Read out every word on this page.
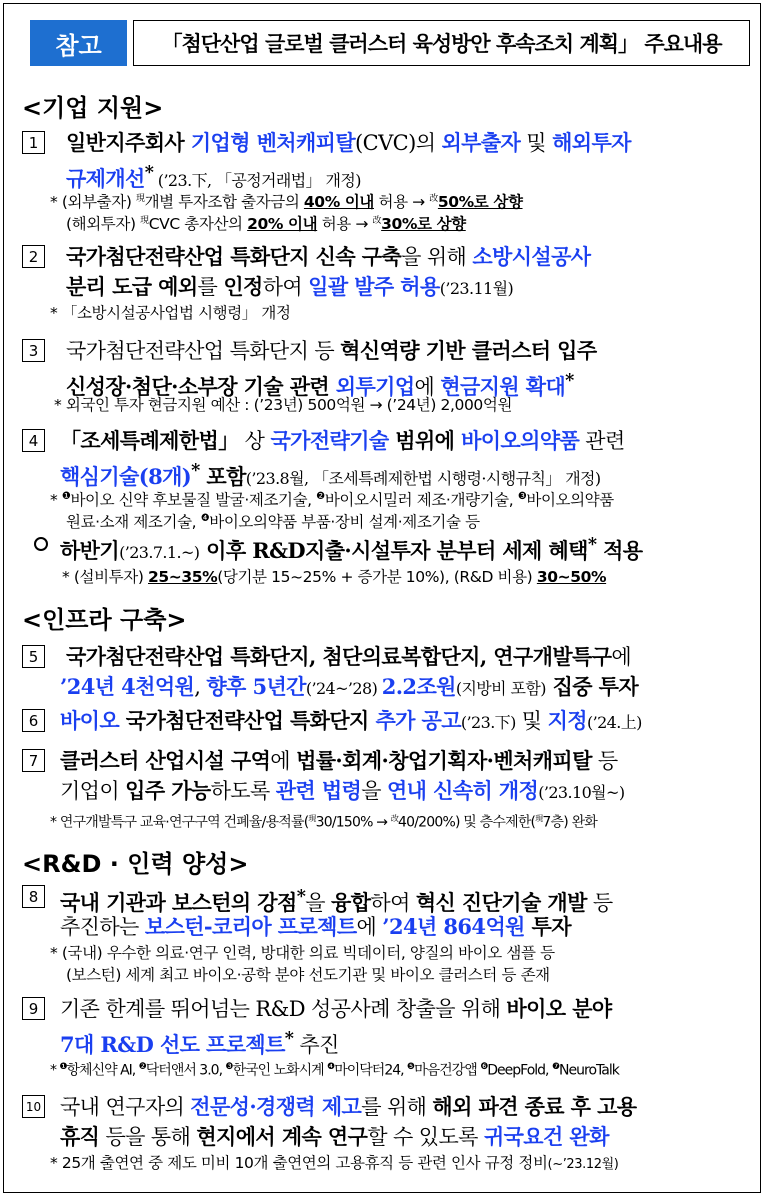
참고	「첨단산업 글로벌 클러스터 육성방안 후속조치 계획」 주요내용
<기업 지원>
1	일반지주회사 기업형 벤처캐피탈(CVC)의 외부출자 및 해외투자
규제개선* (’23.下, 「공정거래법」 개정)
* (외부출자) $^現$개별 투자조합 출자금의 40% 이내 허용 → $^改$50%로 상향
(해외투자) $^現$CVC 총자산의 20% 이내 허용 → $^改$30%로 상향
2	국가첨단전략산업 특화단지 신속 구축을 위해 소방시설공사
분리 도급 예외를 인정하여 일괄 발주 허용(’23.11월)
* 「소방시설공사업법 시행령」 개정
3	국가첨단전략산업 특화단지 등 혁신역량 기반 클러스터 입주
신성장·첨단·소부장 기술 관련 외투기업에 현금지원 확대*
* 외국인 투자 현금지원 예산 : (’23년) 500억원 → (’24년) 2,000억원
4	「조세특례제한법」 상 국가전략기술 범위에 바이오의약품 관련
핵심기술(8개)* 포함(’23.8월, 「조세특례제한법 시행령·시행규칙」 개정)
* $^❶$바이오 신약 후보물질 발굴·제조기술, $^❷$바이오시밀러 제조·개량기술, $^❸$바이오의약품
원료·소재 제조기술, $^❹$바이오의약품 부품·장비 설계·제조기술 등
하반기(’23.7.1.~) 이후 R&D지출·시설투자 분부터 세제 혜택* 적용
* (설비투자) 25~35%(당기분 15~25% + 증가분 10%), (R&D 비용) 30~50%
<인프라 구축>
5	국가첨단전략산업 특화단지, 첨단의료복합단지, 연구개발특구에
’24년 4천억원, 향후 5년간(’24~’28) 2.2조원(지방비 포함) 집중 투자
6	바이오 국가첨단전략산업 특화단지 추가 공고(’23.下) 및 지정(’24.上)
7	클러스터 산업시설 구역에 법률·회계·창업기획자·벤처캐피탈 등
기업이 입주 가능하도록 관련 법령을 연내 신속히 개정(’23.10월~)
* 연구개발특구 교육·연구구역 건폐율/용적률($^現$30/150% → $^改$40/200%) 및 층수제한($^現$7층) 완화
<R&D · 인력 양성>
8	국내 기관과 보스턴의 강점*을 융합하여 혁신 진단기술 개발 등
추진하는 보스턴-코리아 프로젝트에 ’24년 864억원 투자
* (국내) 우수한 의료·연구 인력, 방대한 의료 빅데이터, 양질의 바이오 샘플 등
(보스턴) 세계 최고 바이오·공학 분야 선도기관 및 바이오 클러스터 등 존재
9	기존 한계를 뛰어넘는 R&D 성공사례 창출을 위해 바이오 분야
7대 R&D 선도 프로젝트* 추진
* $^❶$항체신약 AI, $^❷$닥터앤서 3.0, $^❸$한국인 노화시계 $^❹$마이닥터24, $^❺$마음건강앱 $^❻$DeepFold, $^❼$NeuroTalk
10 국내 연구자의 전문성·경쟁력 제고를 위해 해외 파견 종료 후 고용
휴직 등을 통해 현지에서 계속 연구할 수 있도록 귀국요건 완화
* 25개 출연연 중 제도 미비 10개 출연연의 고용휴직 등 관련 인사 규정 정비(~’23.12월)
